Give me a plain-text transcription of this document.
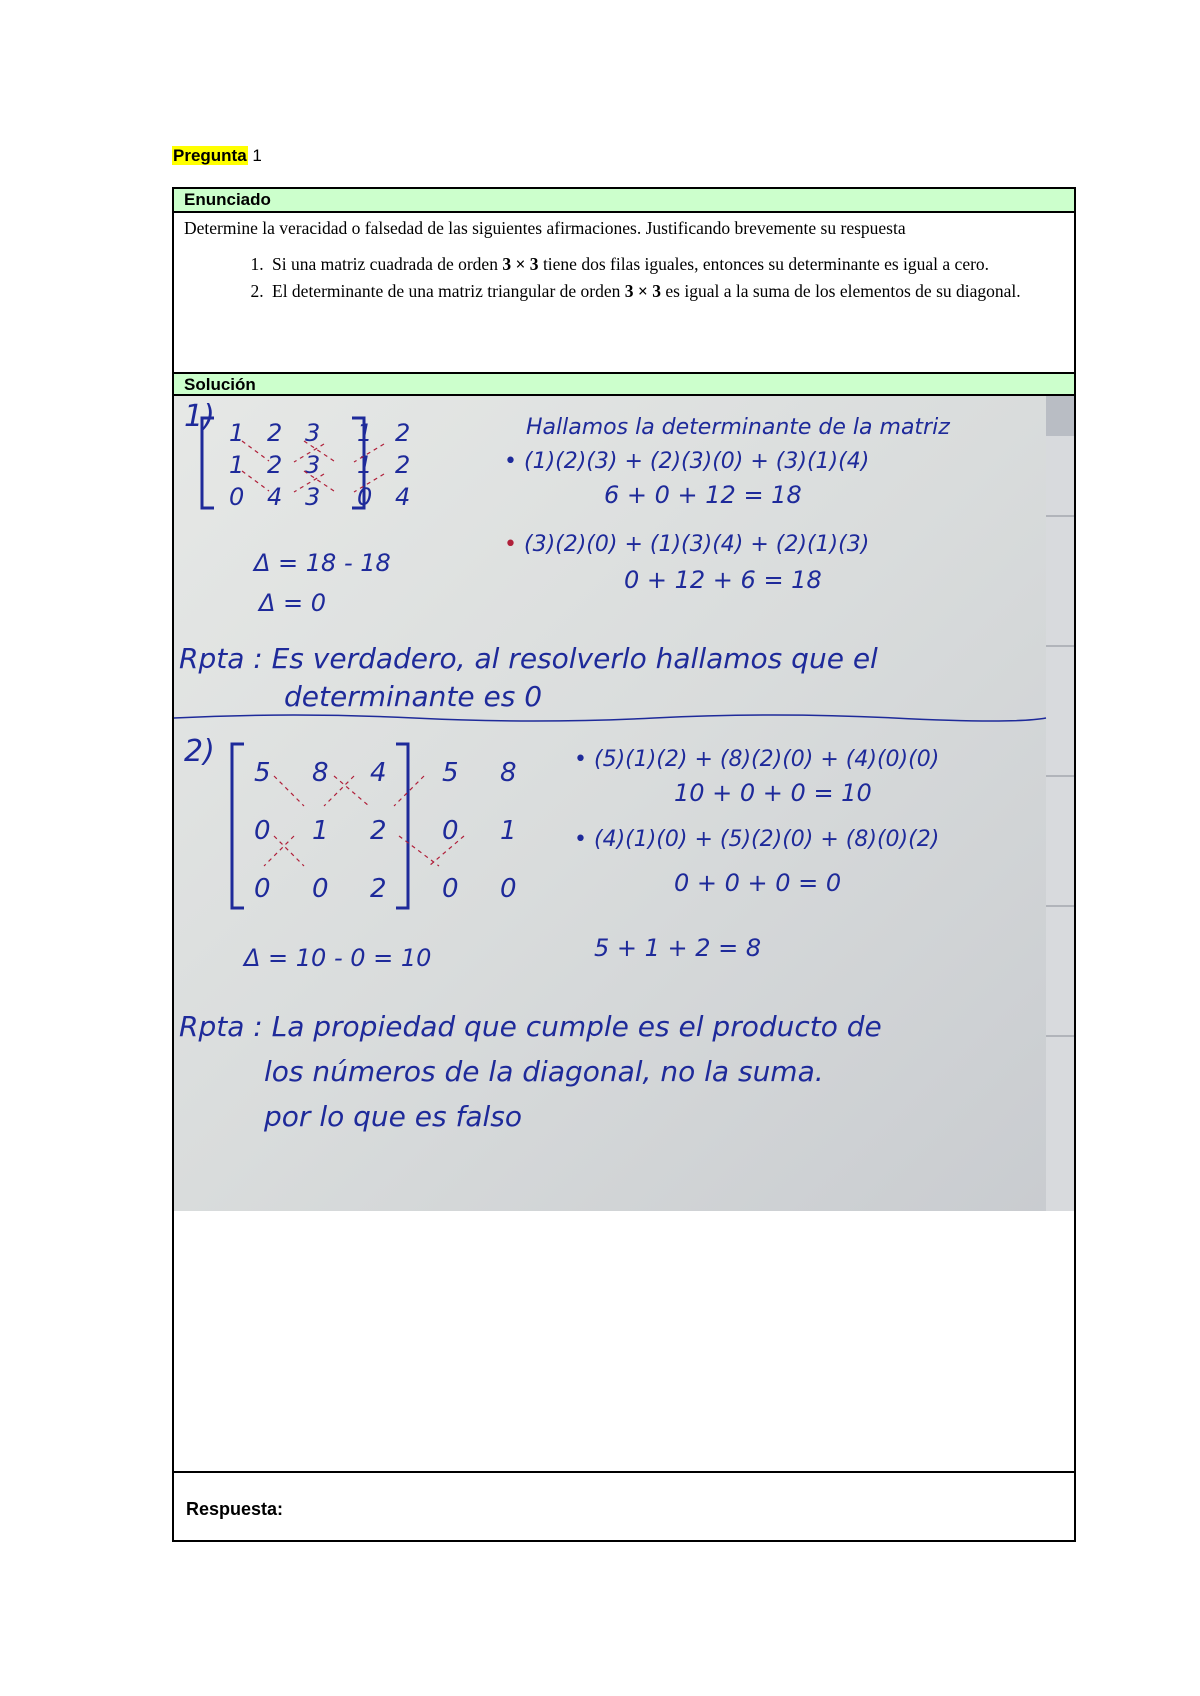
Pregunta 1
Enunciado
Determine la veracidad o falsedad de las siguientes afirmaciones. Justificando brevemente su respuesta
1. Si una matriz cuadrada de orden 3 × 3 tiene dos filas iguales, entonces su determinante es igual a cero.
2. El determinante de una matriz triangular de orden 3 × 3 es igual a la suma de los elementos de su diagonal.
Solución
1) 1 2 3 1 2
1 2 3 1 2
0 4 3 0 4
Hallamos la determinante de la matriz
• (1)(2)(3) + (2)(3)(0) + (3)(1)(4)
6 + 0 + 12 = 18
• (3)(2)(0) + (1)(3)(4) + (2)(1)(3)
0 + 12 + 6 = 18
Δ = 18 - 18
Δ = 0
Rpta : Es verdadero, al resolverlo hallamos que el
determinante es 0
2)
5 8 4 5 8
0 1 2 0 1
0 0 2 0 0
• (5)(1)(2) + (8)(2)(0) + (4)(0)(0)
10 + 0 + 0 = 10
• (4)(1)(0) + (5)(2)(0) + (8)(0)(2)
0 + 0 + 0 = 0
5 + 1 + 2 = 8
Δ = 10 - 0 = 10
Rpta : La propiedad que cumple es el producto de
los números de la diagonal, no la suma.
por lo que es falso
Respuesta:
